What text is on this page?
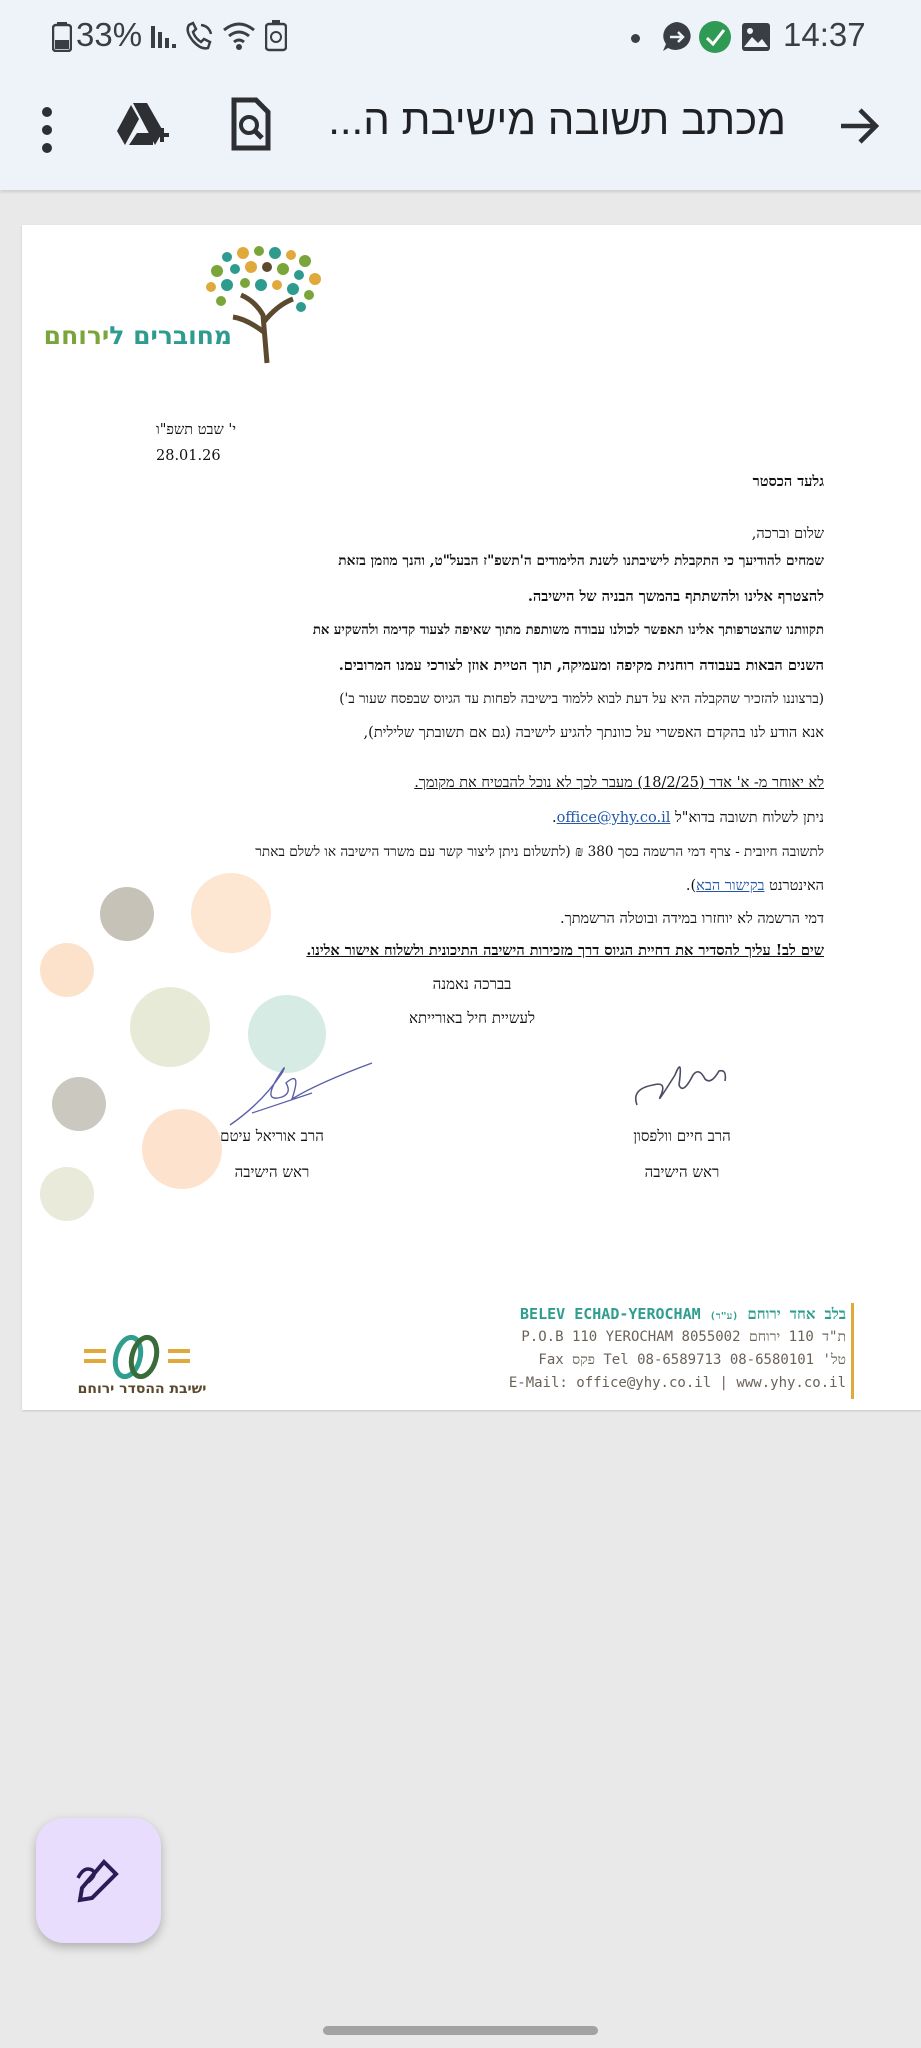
33%	14:37
מכתב תשובה מישיבת ה...
מחוברים לירוחם
י' שבט תשפ"ו
28.01.26
גלעד הכסטר
שלום וברכה,
שמחים להודיעך כי התקבלת לישיבתנו לשנת הלימודים ה'תשפ"ז הבעל"ט, והנך מוזמן בזאת
להצטרף אלינו ולהשתתף בהמשך הבניה של הישיבה.
תקוותנו שהצטרפותך אלינו תאפשר לכולנו עבודה משותפת מתוך שאיפה לצעוד קדימה ולהשקיע את
השנים הבאות בעבודה רוחנית מקיפה ומעמיקה, תוך הטיית אוזן לצורכי עמנו המרובים.
(ברצוננו להזכיר שהקבלה היא על דעת לבוא ללמוד בישיבה לפחות עד הגיוס שבפסח שעור ב')
אנא הודע לנו בהקדם האפשרי על כוונתך להגיע לישיבה (גם אם תשובתך שלילית),
לא יאוחר מ- א' אדר (18/2/25) מעבר לכך לא נוכל להבטיח את מקומך.
ניתן לשלוח תשובה בדוא"ל office@yhy.co.il.
לתשובה חיובית - צרף דמי הרשמה בסך 380 ₪ (לתשלום ניתן ליצור קשר עם משרד הישיבה או לשלם באתר
האינטרנט בקישור הבא).
דמי הרשמה לא יוחזרו במידה ובוטלה הרשמתך.
שים לב! עליך להסדיר את דחיית הגיוס דרך מזכירות הישיבה התיכונית ולשלוח אישור אלינו.
בברכה נאמנה
לעשיית חיל באורייתא
הרב חיים וולפסון
ראש הישיבה
הרב אוריאל עיטם
ראש הישיבה
בלב אחד ירוחם (ע"ר) BELEV ECHAD-YEROCHAM
ת"ד 110 ירוחם 8055002 P.O.B 110 YEROCHAM
טל' 08-6580101 Tel 08-6589713 פקס Fax
E-Mail: office@yhy.co.il | www.yhy.co.il
ישיבת ההסדר ירוחם
